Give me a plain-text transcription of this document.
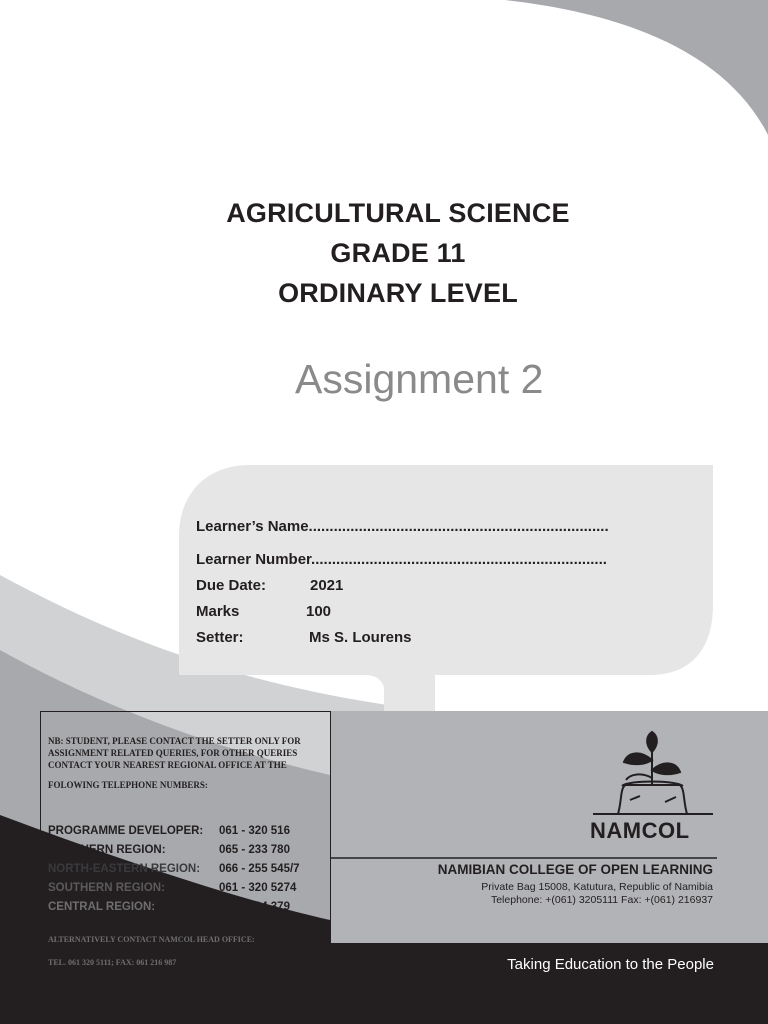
AGRICULTURAL SCIENCE
GRADE 11
ORDINARY LEVEL
Assignment 2
Learner’s Name........................................................................
Learner Number.......................................................................
Due Date:	2021
Marks	100
Setter:	Ms S. Lourens
NB: STUDENT, PLEASE CONTACT THE SETTER ONLY FOR
ASSIGNMENT RELATED QUERIES, FOR OTHER QUERIES
CONTACT YOUR NEAREST REGIONAL OFFICE AT THE
FOLOWING TELEPHONE NUMBERS:
PROGRAMME DEVELOPER: 061 - 320 516
NORTHERN REGION:	065 - 233 780
NORTH-EASTERN REGION: 066 - 255 545/7
SOUTHERN REGION:	061 - 320 5274
CENTRAL REGION:	067 - 304 379
ALTERNATIVELY CONTACT NAMCOL HEAD OFFICE:
TEL. 061 320 5111; FAX: 061 216 987
NAMCOL
NAMIBIAN COLLEGE OF OPEN LEARNING
Private Bag 15008, Katutura, Republic of Namibia
Telephone: +(061) 3205111 Fax: +(061) 216937
Taking Education to the People
